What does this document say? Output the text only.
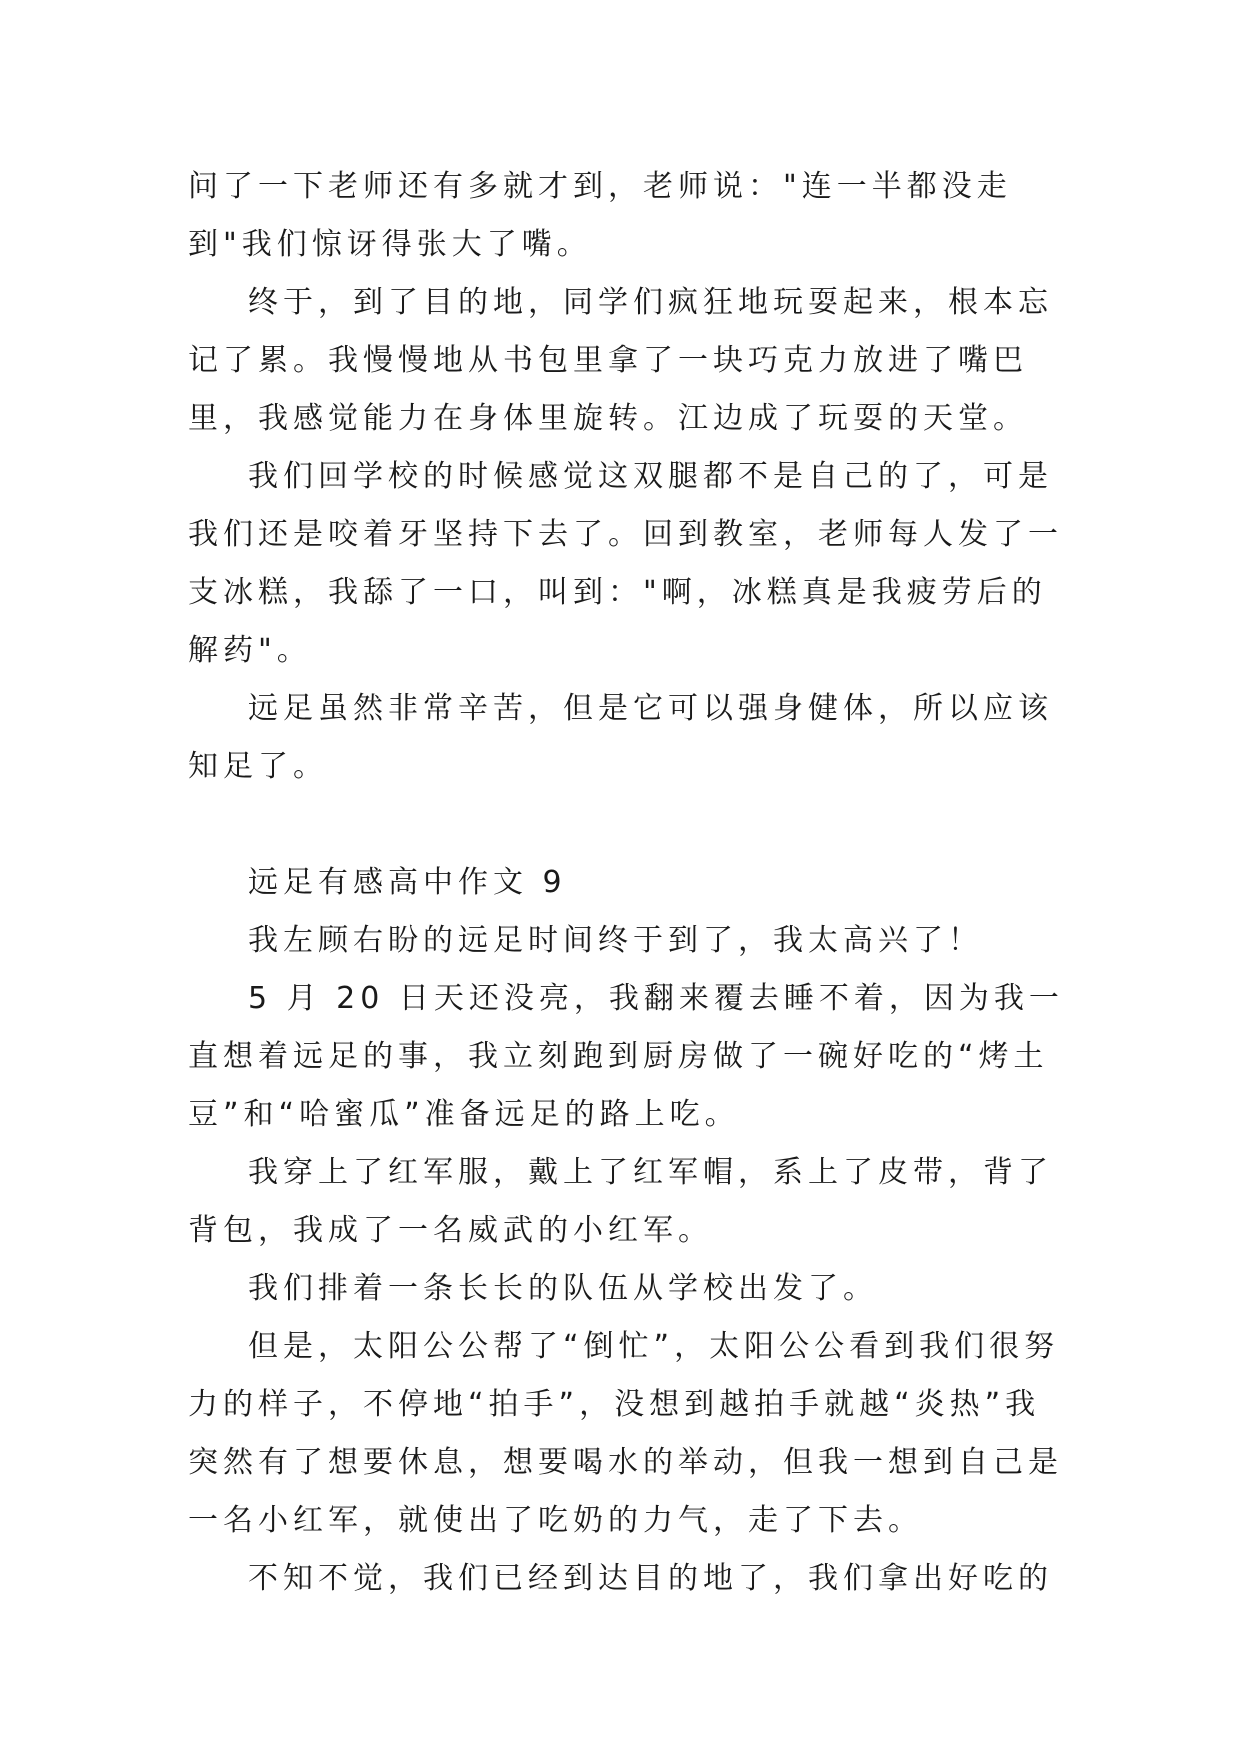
问了一下老师还有多就才到，老师说："连一半都没走到"我们惊讶得张大了嘴。

终于，到了目的地，同学们疯狂地玩耍起来，根本忘记了累。我慢慢地从书包里拿了一块巧克力放进了嘴巴里，我感觉能力在身体里旋转。江边成了玩耍的天堂。

我们回学校的时候感觉这双腿都不是自己的了，可是我们还是咬着牙坚持下去了。回到教室，老师每人发了一支冰糕，我舔了一口，叫到："啊，冰糕真是我疲劳后的解药"。

远足虽然非常辛苦，但是它可以强身健体，所以应该知足了。

远足有感高中作文 9

我左顾右盼的远足时间终于到了，我太高兴了！

5 月 20 日天还没亮，我翻来覆去睡不着，因为我一直想着远足的事，我立刻跑到厨房做了一碗好吃的“烤土豆”和“哈蜜瓜”准备远足的路上吃。

我穿上了红军服，戴上了红军帽，系上了皮带，背了背包，我成了一名威武的小红军。

我们排着一条长长的队伍从学校出发了。

但是，太阳公公帮了“倒忙”，太阳公公看到我们很努力的样子，不停地“拍手”，没想到越拍手就越“炎热”我突然有了想要休息，想要喝水的举动，但我一想到自己是一名小红军，就使出了吃奶的力气，走了下去。

不知不觉，我们已经到达目的地了，我们拿出好吃的
